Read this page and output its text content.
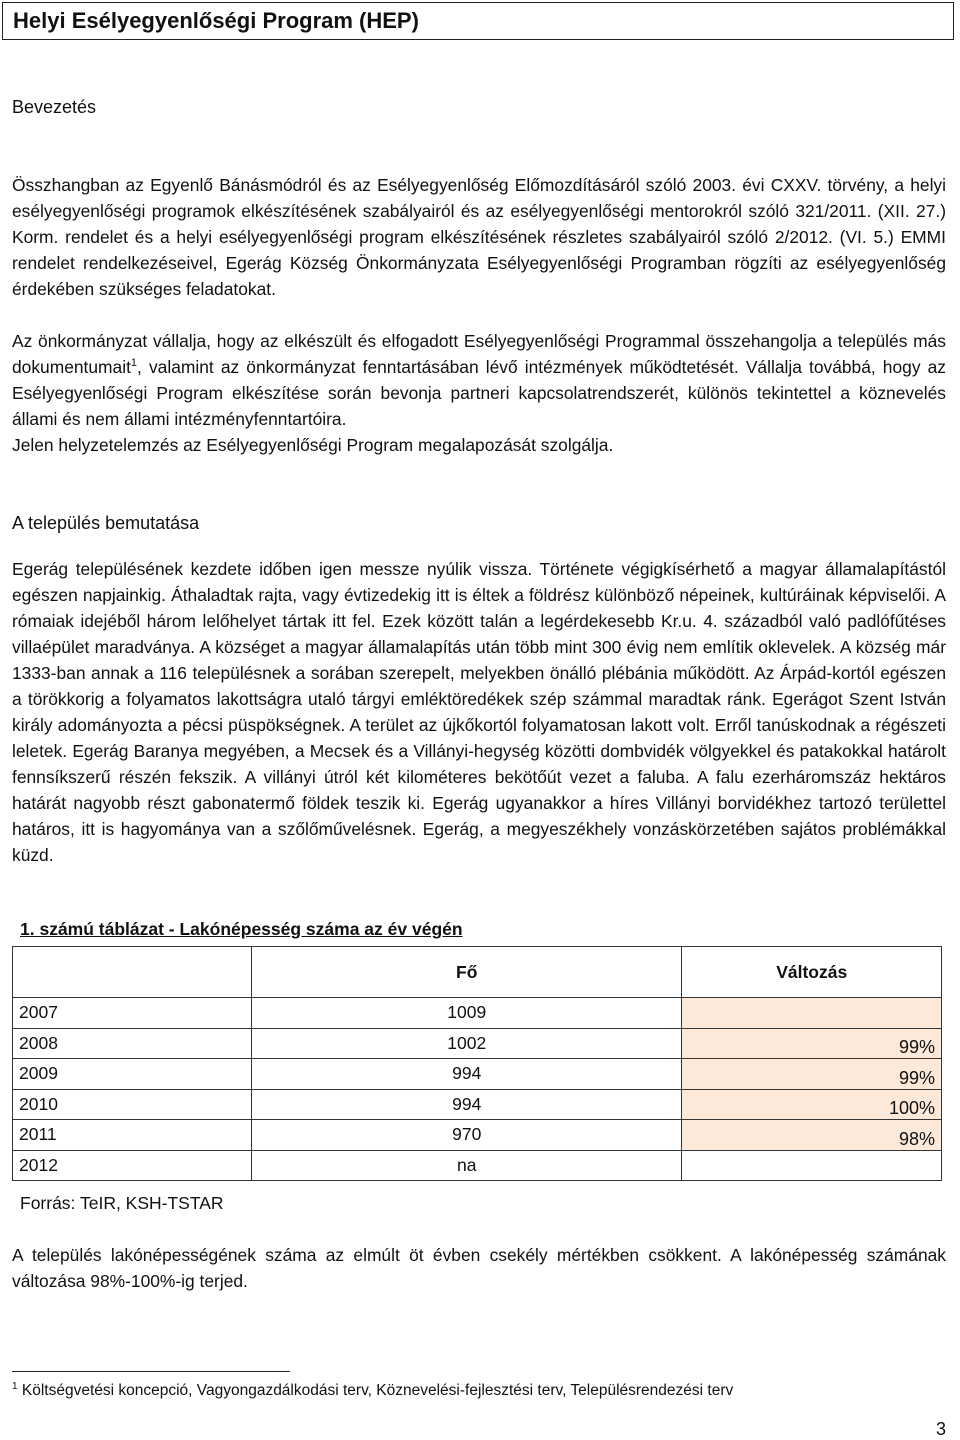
Helyi Esélyegyenlőségi Program (HEP)
Bevezetés
Összhangban az Egyenlő Bánásmódról és az Esélyegyenlőség Előmozdításáról szóló 2003. évi CXXV. törvény, a helyi esélyegyenlőségi programok elkészítésének szabályairól és az esélyegyenlőségi mentorokról szóló 321/2011. (XII. 27.) Korm. rendelet és a helyi esélyegyenlőségi program elkészítésének részletes szabályairól szóló 2/2012. (VI. 5.) EMMI rendelet rendelkezéseivel, Egerág Község Önkormányzata Esélyegyenlőségi Programban rögzíti az esélyegyenlőség érdekében szükséges feladatokat.
Az önkormányzat vállalja, hogy az elkészült és elfogadott Esélyegyenlőségi Programmal összehangolja a település más dokumentumait$^1$, valamint az önkormányzat fenntartásában lévő intézmények működtetését. Vállalja továbbá, hogy az Esélyegyenlőségi Program elkészítése során bevonja partneri kapcsolatrendszerét, különös tekintettel a köznevelés állami és nem állami intézményfenntartóira.
Jelen helyzetelemzés az Esélyegyenlőségi Program megalapozását szolgálja.
A település bemutatása
Egerág településének kezdete időben igen messze nyúlik vissza. Története végigkísérhető a magyar államalapítástól egészen napjainkig. Áthaladtak rajta, vagy évtizedekig itt is éltek a földrész különböző népeinek, kultúráinak képviselői. A rómaiak idejéből három lelőhelyet tártak itt fel. Ezek között talán a legérdekesebb Kr.u. 4. századból való padlófűtéses villaépület maradványa. A községet a magyar államalapítás után több mint 300 évig nem említik oklevelek. A község már 1333-ban annak a 116 településnek a sorában szerepelt, melyekben önálló plébánia működött. Az Árpád-kortól egészen a törökkorig a folyamatos lakottságra utaló tárgyi emléktöredékek szép számmal maradtak ránk. Egerágot Szent István király adományozta a pécsi püspökségnek. A terület az újkőkortól folyamatosan lakott volt. Erről tanúskodnak a régészeti leletek. Egerág Baranya megyében, a Mecsek és a Villányi-hegység közötti dombvidék völgyekkel és patakokkal határolt fennsíkszerű részén fekszik. A villányi útról két kilométeres bekötőút vezet a faluba. A falu ezerháromszáz hektáros határát nagyobb részt gabonatermő földek teszik ki. Egerág ugyanakkor a híres Villányi borvidékhez tartozó területtel határos, itt is hagyománya van a szőlőművelésnek. Egerág, a megyeszékhely vonzáskörzetében sajátos problémákkal küzd.
1. számú táblázat - Lakónépesség száma az év végén
	Fő	Változás
2007	1009	
2008	1002	99%
2009	994	99%
2010	994	100%
2011	970	98%
2012	na	
Forrás: TeIR, KSH-TSTAR
A település lakónépességének száma az elmúlt öt évben csekély mértékben csökkent. A lakónépesség számának változása 98%-100%-ig terjed.
$^1$ Költségvetési koncepció, Vagyongazdálkodási terv, Köznevelési-fejlesztési terv, Településrendezési terv
3
